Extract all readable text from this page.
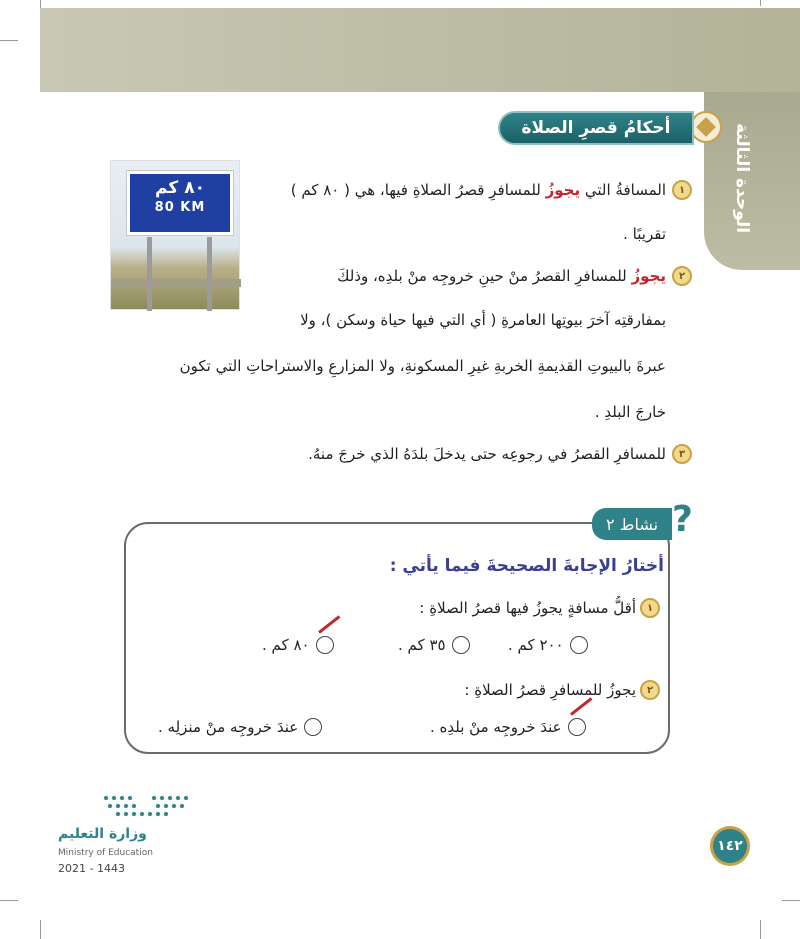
الوحدة الثالثة
أحكامُ قصرِ الصلاة
٨٠ كم
80 KM
١
المسافةُ التي يجوزُ للمسافرِ قصرُ الصلاةِ فيها، هي ( ٨٠ كم )
تقريبًا .
٢
يجوزُ للمسافرِ القصرُ منْ حينِ خروجِه منْ بلدِه، وذلكَ
بمفارقتِه آخرَ بيوتِها العامرةِ ( أي التي فيها حياة وسكن )، ولا
عبرةَ بالبيوتِ القديمةِ الخربةِ غيرِ المسكونةِ، ولا المزارعِ والاستراحاتِ التي تكون
خارجَ البلدِ .
٣
للمسافرِ القصرُ في رجوعِه حتى يدخلَ بلدَهُ الذي خرجَ منهُ.
نشاط

٢ ?
أختارُ الإجابةَ الصحيحةَ فيما يأتي :
١
أقلُّ مسافةٍ يجوزُ فيها قصرُ الصلاةِ :
٢٠٠ كم .
٣٥ كم .
٨٠ كم .
٢
يجوزُ للمسافرِ قصرُ الصلاةِ :
عندَ خروجِه منْ بلدِه .
عندَ خروجِه منْ منزلِه .
وزارة التعليم
Ministry of Education
2021 - 1443
١٤٢
